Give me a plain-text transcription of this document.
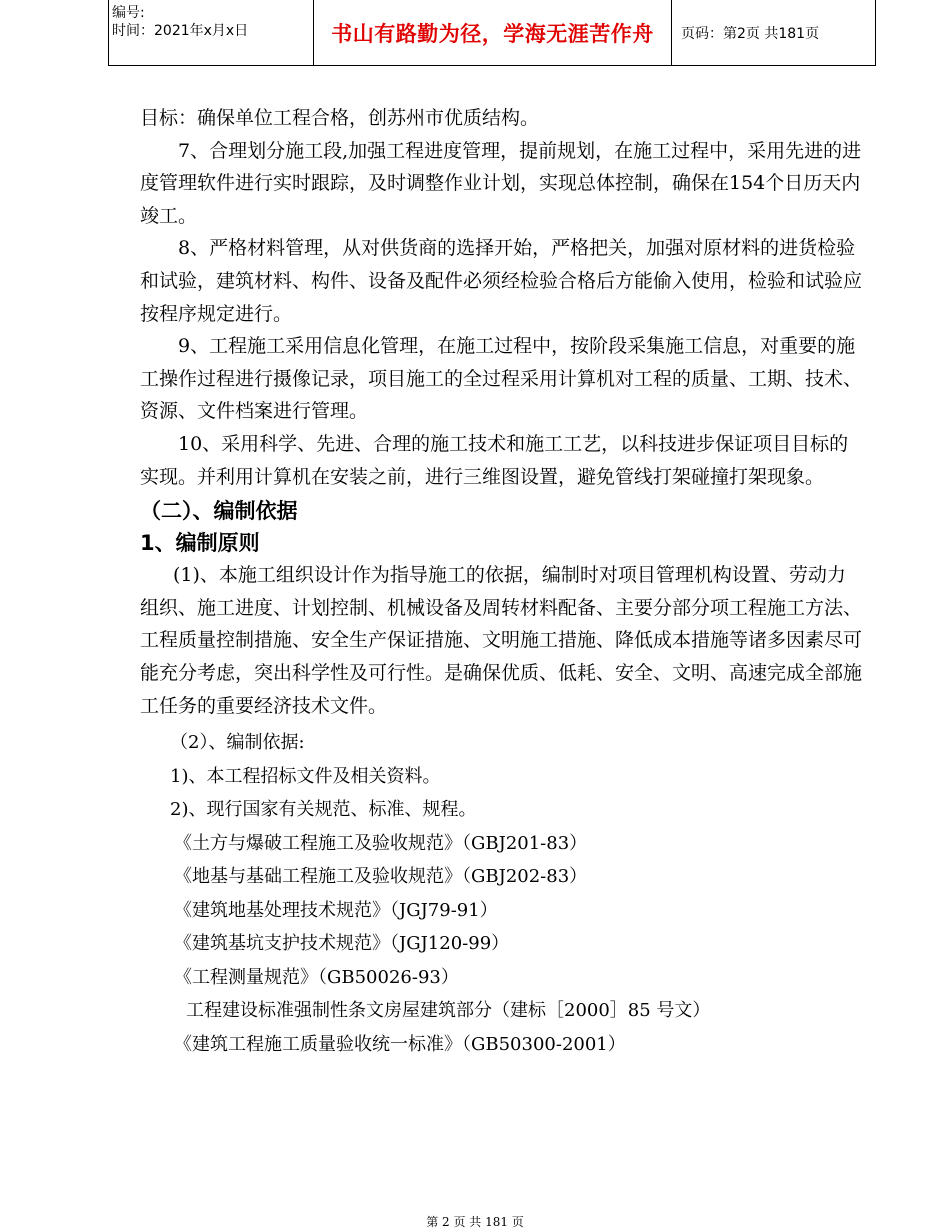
编号:
时间：2021年x月x日	书山有路勤为径，学海无涯苦作舟 页码：第2页 共181页

目标：确保单位工程合格，创苏州市优质结构。

7、合理划分施工段,加强工程进度管理，提前规划，在施工过程中，采用先进的进度管理软件进行实时跟踪，及时调整作业计划，实现总体控制，确保在154个日历天内竣工。

8、严格材料管理，从对供货商的选择开始，严格把关，加强对原材料的进货检验和试验，建筑材料、构件、设备及配件必须经检验合格后方能偷入使用，检验和试验应按程序规定进行。

9、工程施工采用信息化管理，在施工过程中，按阶段采集施工信息，对重要的施工操作过程进行摄像记录，项目施工的全过程采用计算机对工程的质量、工期、技术、资源、文件档案进行管理。

10、采用科学、先进、合理的施工技术和施工工艺，以科技进步保证项目目标的实现。并利用计算机在安装之前，进行三维图设置，避免管线打架碰撞打架现象。

（二）、编制依据
1、编制原则

(1)、本施工组织设计作为指导施工的依据，编制时对项目管理机构设置、劳动力组织、施工进度、计划控制、机械设备及周转材料配备、主要分部分项工程施工方法、工程质量控制措施、安全生产保证措施、文明施工措施、降低成本措施等诸多因素尽可能充分考虑，突出科学性及可行性。是确保优质、低耗、安全、文明、高速完成全部施工任务的重要经济技术文件。

（2）、编制依据:

1)、本工程招标文件及相关资料。

2)、现行国家有关规范、标准、规程。

《土方与爆破工程施工及验收规范》（GBJ201-83）

《地基与基础工程施工及验收规范》（GBJ202-83）

《建筑地基处理技术规范》（JGJ79-91）

《建筑基坑支护技术规范》（JGJ120-99）

《工程测量规范》（GB50026-93）

工程建设标准强制性条文房屋建筑部分（建标［2000］85 号文）

《建筑工程施工质量验收统一标准》（GB50300-2001）

第 2 页 共 181 页
